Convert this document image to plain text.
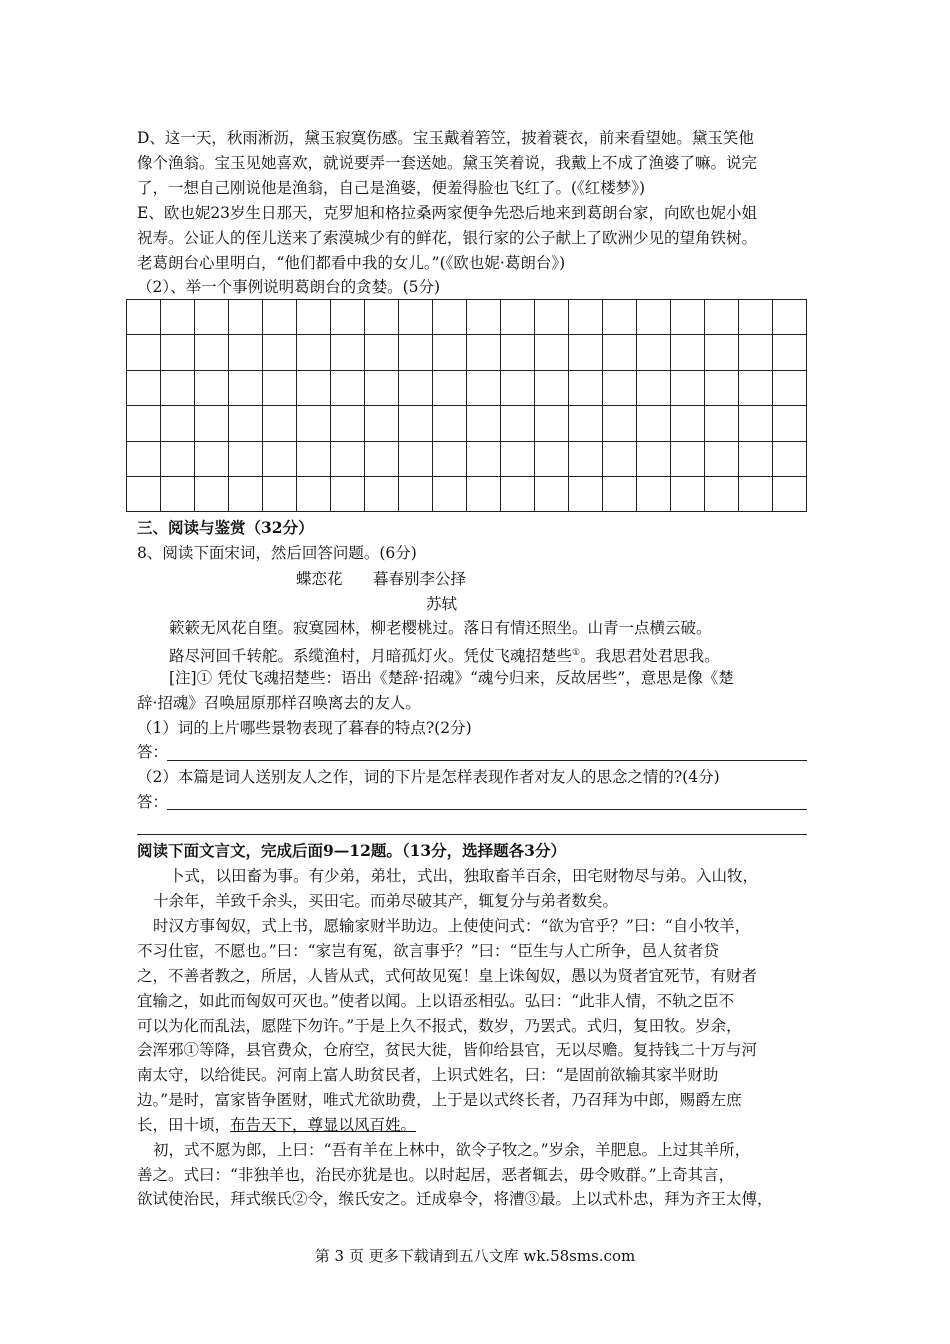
D、这一天，秋雨淅沥，黛玉寂寞伤感。宝玉戴着箬笠，披着蓑衣，前来看望她。黛玉笑他
像个渔翁。宝玉见她喜欢，就说要弄一套送她。黛玉笑着说，我戴上不成了渔婆了嘛。说完
了，一想自己刚说他是渔翁，自己是渔婆，便羞得脸也飞红了。(《红楼梦》)
E、欧也妮23岁生日那天，克罗旭和格拉桑两家便争先恐后地来到葛朗台家，向欧也妮小姐
祝寿。公证人的侄儿送来了索漠城少有的鲜花，银行家的公子献上了欧洲少见的望角铁树。
老葛朗台心里明白，“他们都看中我的女儿。”(《欧也妮·葛朗台》)
（2）、举一个事例说明葛朗台的贪婪。(5分)

三、阅读与鉴赏（32分）
8、阅读下面宋词，然后回答问题。(6分)
蝶恋花 暮春别李公择
苏轼
簌簌无风花自堕。寂寞园林，柳老樱桃过。落日有情还照坐。山青一点横云破。
路尽河回千转舵。系缆渔村，月暗孤灯火。凭仗飞魂招楚些①。我思君处君思我。
[注]① 凭仗飞魂招楚些：语出《楚辞·招魂》“魂兮归来，反故居些”，意思是像《楚
辞·招魂》召唤屈原那样召唤离去的友人。
（1）词的上片哪些景物表现了暮春的特点?(2分)
答：
（2）本篇是词人送别友人之作，词的下片是怎样表现作者对友人的思念之情的?(4分)
答：
阅读下面文言文，完成后面9—12题。（13分，选择题各3分）
卜式，以田畜为事。有少弟，弟壮，式出，独取畜羊百余，田宅财物尽与弟。入山牧，
十余年，羊致千余头，买田宅。而弟尽破其产，辄复分与弟者数矣。
时汉方事匈奴，式上书，愿输家财半助边。上使使问式：“欲为官乎？”曰：“自小牧羊，
不习仕宦，不愿也。”曰：“家岂有冤，欲言事乎？”曰：“臣生与人亡所争，邑人贫者贷
之，不善者教之，所居，人皆从式，式何故见冤！皇上诛匈奴，愚以为贤者宜死节，有财者
宜输之，如此而匈奴可灭也。”使者以闻。上以语丞相弘。弘曰：“此非人情，不轨之臣不
可以为化而乱法，愿陛下勿许。”于是上久不报式，数岁，乃罢式。式归，复田牧。岁余，
会浑邪①等降，县官费众，仓府空，贫民大徙，皆仰给县官，无以尽赡。复持钱二十万与河
南太守，以给徙民。河南上富人助贫民者，上识式姓名，曰：“是固前欲输其家半财助
边。”是时，富家皆争匿财，唯式尤欲助费，上于是以式终长者，乃召拜为中郎，赐爵左庶
长，田十顷，布告天下，尊显以风百姓。
初，式不愿为郎，上曰：“吾有羊在上林中，欲令子牧之。”岁余，羊肥息。上过其羊所，
善之。式曰：“非独羊也，治民亦犹是也。以时起居，恶者辄去，毋令败群。”上奇其言，
欲试使治民，拜式缑氏②令，缑氏安之。迁成皋令，将漕③最。上以式朴忠，拜为齐王太傅，
第 3 页 更多下载请到五八文库 wk.58sms.com
